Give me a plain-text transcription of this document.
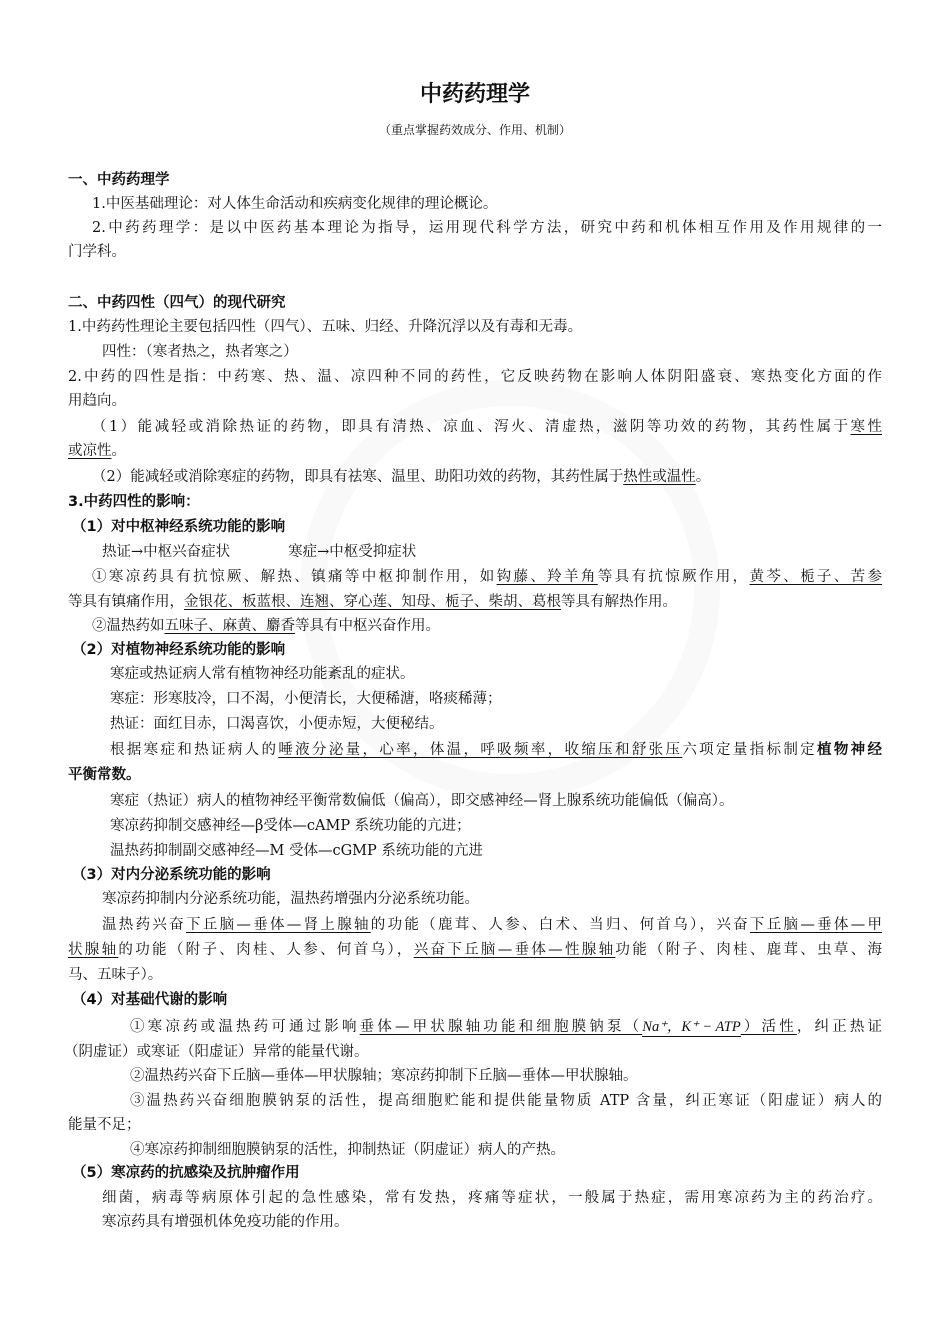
中药药理学
（重点掌握药效成分、作用、机制）
一、中药药理学
1.中医基础理论：对人体生命活动和疾病变化规律的理论概论。
2.中药药理学：是以中医药基本理论为指导，运用现代科学方法，研究中药和机体相互作用及作用规律的一
门学科。
二、中药四性（四气）的现代研究
1.中药药性理论主要包括四性（四气）、五味、归经、升降沉浮以及有毒和无毒。
四性：（寒者热之，热者寒之）
2.中药的四性是指：中药寒、热、温、凉四种不同的药性，它反映药物在影响人体阴阳盛衰、寒热变化方面的作
用趋向。
（1）能减轻或消除热证的药物，即具有清热、凉血、泻火、清虚热，滋阴等功效的药物，其药性属于寒性
或凉性。
（2）能减轻或消除寒症的药物，即具有祛寒、温里、助阳功效的药物，其药性属于热性或温性。
3.中药四性的影响：
（1）对中枢神经系统功能的影响
热证→中枢兴奋症状	寒症→中枢受抑症状
①寒凉药具有抗惊厥、解热、镇痛等中枢抑制作用，如钩藤、羚羊角等具有抗惊厥作用，黄芩、栀子、苦参
等具有镇痛作用，金银花、板蓝根、连翘、穿心莲、知母、栀子、柴胡、葛根等具有解热作用。
②温热药如五味子、麻黄、麝香等具有中枢兴奋作用。
（2）对植物神经系统功能的影响
寒症或热证病人常有植物神经功能紊乱的症状。
寒症：形寒肢冷，口不渴，小便清长，大便稀溏，咯痰稀薄；
热证：面红目赤，口渴喜饮，小便赤短，大便秘结。
根据寒症和热证病人的唾液分泌量，心率，体温，呼吸频率，收缩压和舒张压六项定量指标制定植物神经
平衡常数。
寒症（热证）病人的植物神经平衡常数偏低（偏高），即交感神经—肾上腺系统功能偏低（偏高）。
寒凉药抑制交感神经—β受体—cAMP 系统功能的亢进；
温热药抑制副交感神经—M 受体—cGMP 系统功能的亢进
（3）对内分泌系统功能的影响
寒凉药抑制内分泌系统功能，温热药增强内分泌系统功能。
温热药兴奋下丘脑—垂体—肾上腺轴的功能（鹿茸、人参、白术、当归、何首乌），兴奋下丘脑—垂体—甲
状腺轴的功能（附子、肉桂、人参、何首乌），兴奋下丘脑—垂体—性腺轴功能（附子、肉桂、鹿茸、虫草、海
马、五味子）。
（4）对基础代谢的影响
①寒凉药或温热药可通过影响垂体—甲状腺轴功能和细胞膜钠泵（Na⁺，K⁺ − ATP）活性，纠正热证
（阴虚证）或寒证（阳虚证）异常的能量代谢。
②温热药兴奋下丘脑—垂体—甲状腺轴；寒凉药抑制下丘脑—垂体—甲状腺轴。
③温热药兴奋细胞膜钠泵的活性，提高细胞贮能和提供能量物质 ATP 含量，纠正寒证（阳虚证）病人的
能量不足；
④寒凉药抑制细胞膜钠泵的活性，抑制热证（阴虚证）病人的产热。
（5）寒凉药的抗感染及抗肿瘤作用
细菌，病毒等病原体引起的急性感染，常有发热，疼痛等症状，一般属于热症，需用寒凉药为主的药治疗。
寒凉药具有增强机体免疫功能的作用。
